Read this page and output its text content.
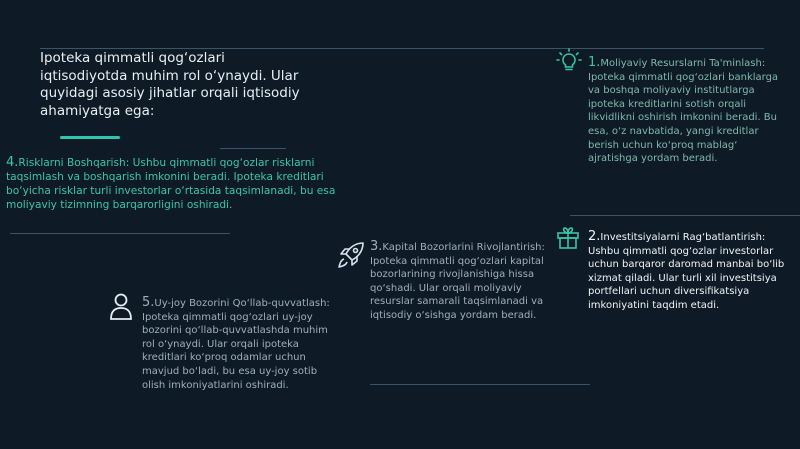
Ipoteka qimmatli qog‘ozlari iqtisodiyotda muhim rol o‘ynaydi. Ular quyidagi asosiy jihatlar orqali iqtisodiy ahamiyatga ega:
1.Moliyaviy Resurslarni Ta'minlash: Ipoteka qimmatli qog‘ozlari banklarga va boshqa moliyaviy institutlarga ipoteka kreditlarini sotish orqali likvidlikni oshirish imkonini beradi. Bu esa, o‘z navbatida, yangi kreditlar berish uchun ko‘proq mablag‘ ajratishga yordam beradi.
2.Investitsiyalarni Rag‘batlantirish: Ushbu qimmatli qog‘ozlar investorlar uchun barqaror daromad manbai bo‘lib xizmat qiladi. Ular turli xil investitsiya portfellari uchun diversifikatsiya imkoniyatini taqdim etadi.
3.Kapital Bozorlarini Rivojlantirish: Ipoteka qimmatli qog‘ozlari kapital bozorlarining rivojlanishiga hissa qo‘shadi. Ular orqali moliyaviy resurslar samarali taqsimlanadi va iqtisodiy o‘sishga yordam beradi.
4.Risklarni Boshqarish: Ushbu qimmatli qog‘ozlar risklarni taqsimlash va boshqarish imkonini beradi. Ipoteka kreditlari bo‘yicha risklar turli investorlar o‘rtasida taqsimlanadi, bu esa moliyaviy tizimning barqarorligini oshiradi.
5.Uy-joy Bozorini Qo‘llab-quvvatlash: Ipoteka qimmatli qog‘ozlari uy-joy bozorini qo‘llab-quvvatlashda muhim rol o‘ynaydi. Ular orqali ipoteka kreditlari ko‘proq odamlar uchun mavjud bo‘ladi, bu esa uy-joy sotib olish imkoniyatlarini oshiradi.
